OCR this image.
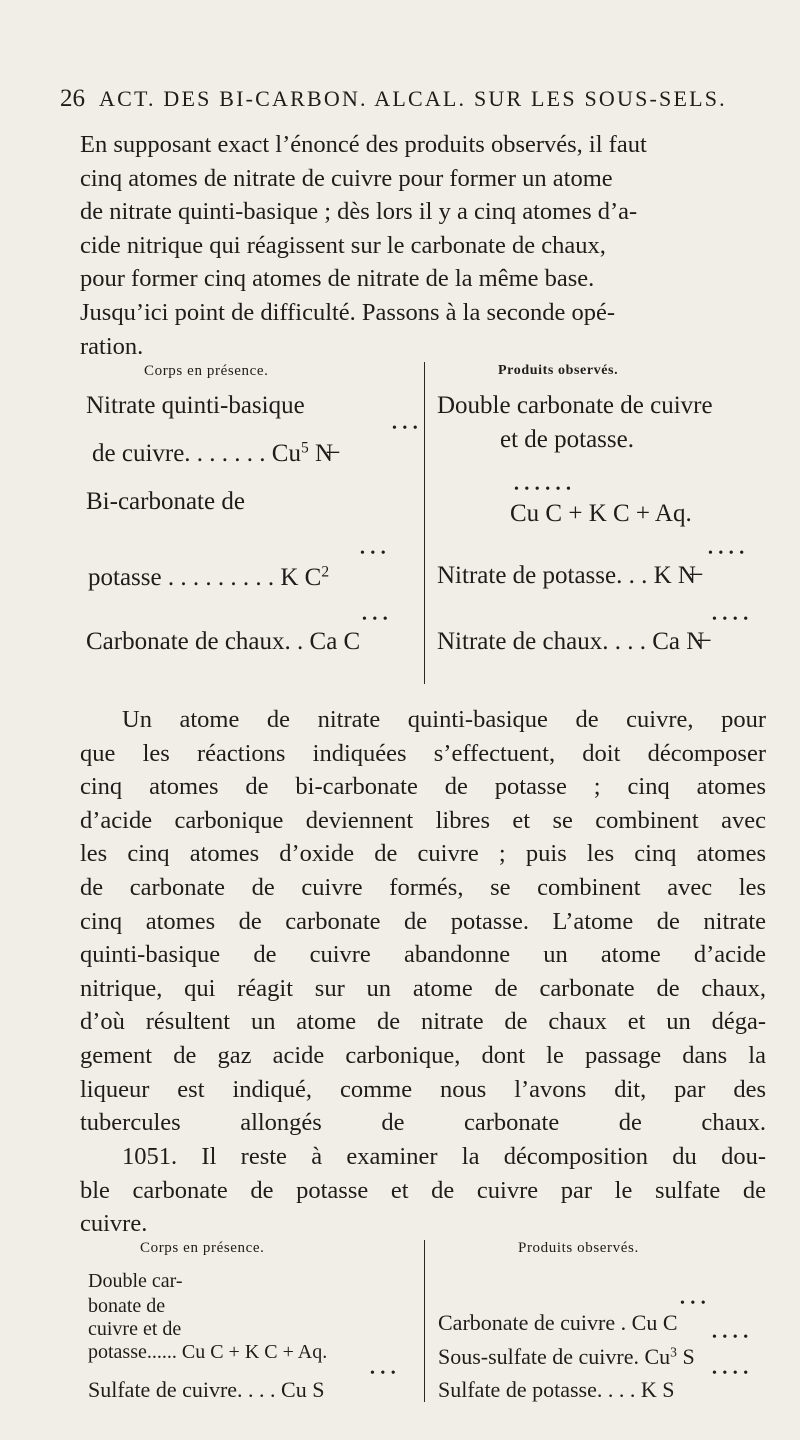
26 ACT. DES BI-CARBON. ALCAL. SUR LES SOUS-SELS.
En supposant exact l’énoncé des produits observés, il faut
cinq atomes de nitrate de cuivre pour former un atome
de nitrate quinti-basique ; dès lors il y a cinq atomes d’a-
cide nitrique qui réagissent sur le carbonate de chaux,
pour former cinq atomes de nitrate de la même base.
Jusqu’ici point de difficulté. Passons à la seconde opé-
ration.
Corps en présence.	Produits observés.
Nitrate quinti-basique
• • •
de cuivre. . . . . . . Cu$^5$ N̶
Bi-carbonate de
• • •
potasse . . . . . . . . . K $C^2$
• • •
Carbonate de chaux. . Ca C
Double carbonate de cuivre
et de potasse.
• • • • • •
Cu C + K C + Aq.
• • • •
Nitrate de potasse. . . K N̶
• • • •
Nitrate de chaux. . . . Ca N̶
Un atome de nitrate quinti-basique de cuivre, pour
que les réactions indiquées s’effectuent, doit décomposer
cinq atomes de bi-carbonate de potasse ; cinq atomes
d’acide carbonique deviennent libres et se combinent avec
les cinq atomes d’oxide de cuivre ; puis les cinq atomes
de carbonate de cuivre formés, se combinent avec les
cinq atomes de carbonate de potasse. L’atome de nitrate
quinti-basique de cuivre abandonne un atome d’acide
nitrique, qui réagit sur un atome de carbonate de chaux,
d’où résultent un atome de nitrate de chaux et un déga-
gement de gaz acide carbonique, dont le passage dans la
liqueur est indiqué, comme nous l’avons dit, par des
tubercules allongés de carbonate de chaux.
1051. Il reste à examiner la décomposition du dou-
ble carbonate de potasse et de cuivre par le sulfate de
cuivre.
Corps en présence.	Produits observés.
Double car-
bonate de
cuivre et de
potasse...... Cu C + K C + Aq.
• • •
Sulfate de cuivre. . . . Cu S
• • •
Carbonate de cuivre . Cu C
• • • •
Sous-sulfate de cuivre. Cu$^3$ S
• • • •
Sulfate de potasse. . . . K S
